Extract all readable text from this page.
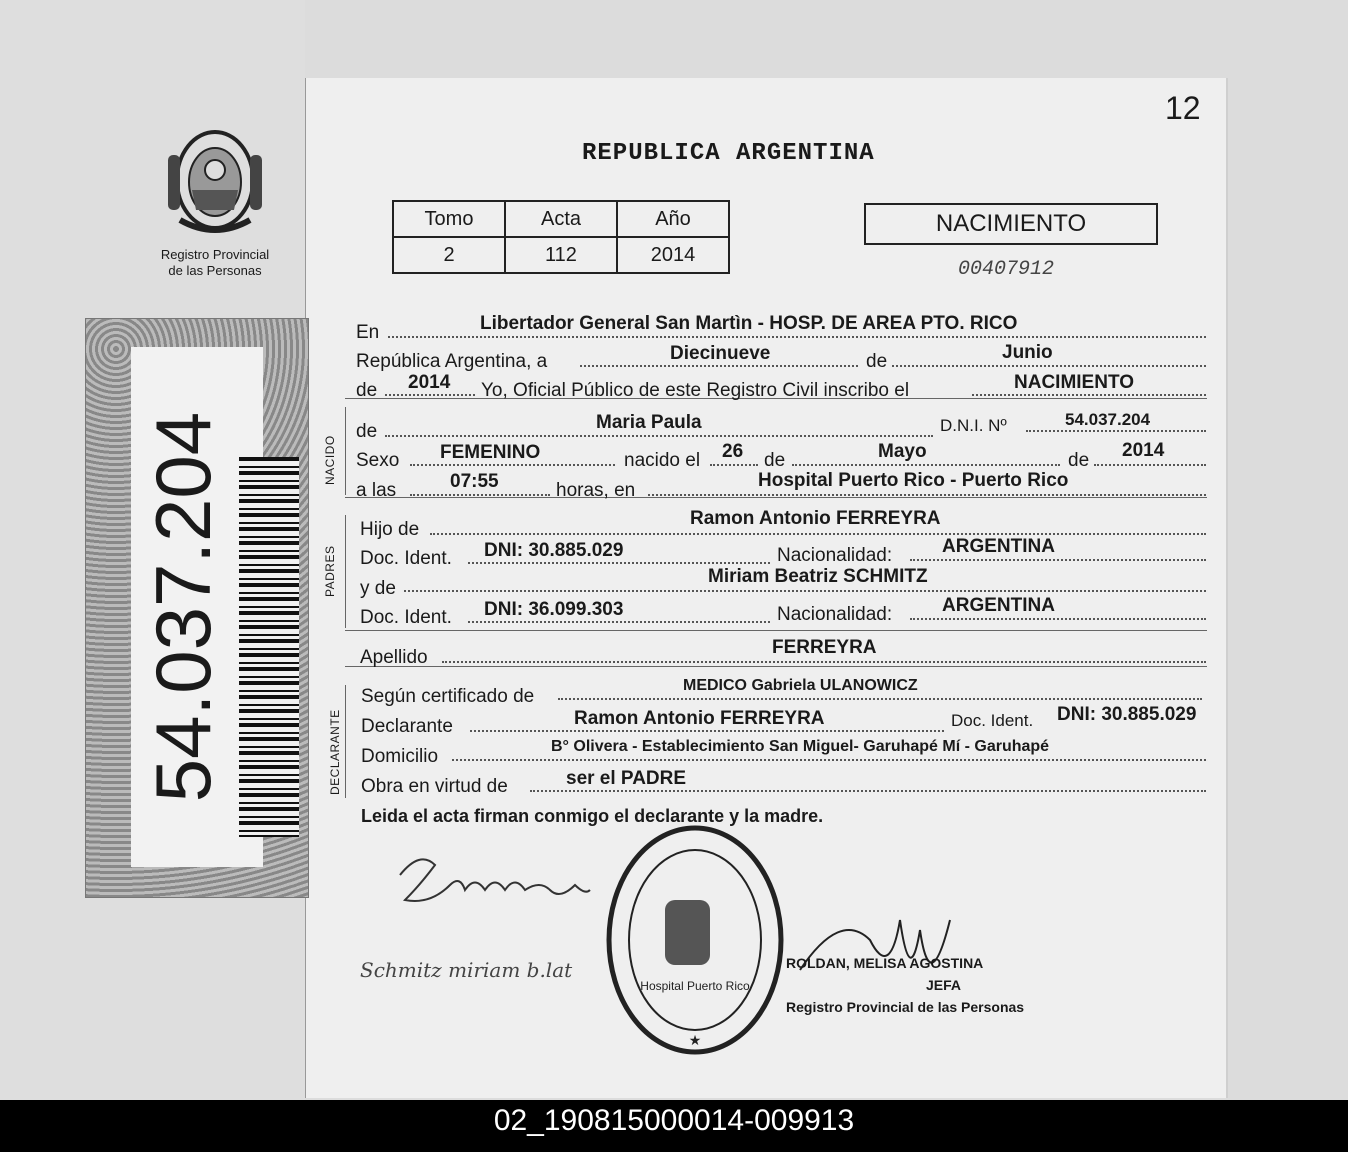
Registro Provincial
de las Personas
54.037.204
12
REPUBLICA ARGENTINA
Tomo	Acta	Año
2	112	2014
NACIMIENTO
00407912
NACIDO
PADRES
DECLARANTE
En	Libertador General San Martìn - HOSP. DE AREA PTO. RICO
República Argentina, a	Diecinueve	de	Junio
de 2014 Yo, Oficial Público de este Registro Civil inscribo el	NACIMIENTO
de	Maria Paula	D.N.I. Nº	54.037.204
Sexo FEMENINO	nacido el 26 de	Mayo	de 2014
a las	07:55	horas, en	Hospital Puerto Rico - Puerto Rico
Hijo de
Ramon Antonio FERREYRA
Doc. Ident. DNI: 30.885.029	Nacionalidad:	ARGENTINA
y de
Miriam Beatriz SCHMITZ
Doc. Ident. DNI: 36.099.303	Nacionalidad:	ARGENTINA
Apellido	FERREYRA
Según certificado de
MEDICO Gabriela ULANOWICZ
Declarante	Ramon Antonio FERREYRA	Doc. Ident. DNI: 30.885.029
Domicilio	B° Olivera - Establecimiento San Miguel- Garuhapé Mí - Garuhapé
Obra en virtud de	ser el PADRE
Leida el acta firman conmigo el declarante y la madre.
Schmitz miriam b.lat
Hospital Puerto Rico
★
ROLDAN, MELISA AGOSTINA
JEFA
Registro Provincial de las Personas
02_190815000014-009913
